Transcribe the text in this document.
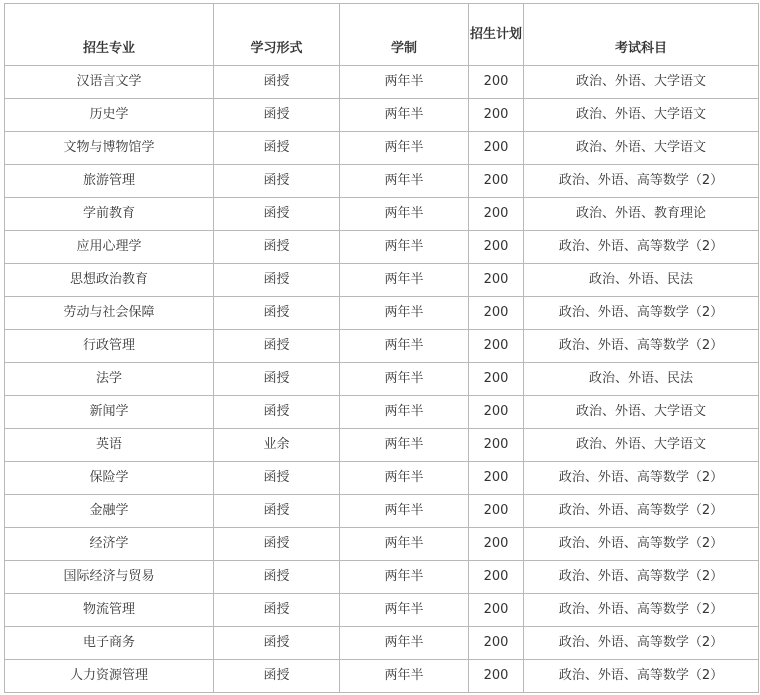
招生专业	学习形式	学制	招生计划	考试科目
汉语言文学	函授	两年半	200	政治、外语、大学语文
历史学	函授	两年半	200	政治、外语、大学语文
文物与博物馆学	函授	两年半	200	政治、外语、大学语文
旅游管理	函授	两年半	200	政治、外语、高等数学（2）
学前教育	函授	两年半	200	政治、外语、教育理论
应用心理学	函授	两年半	200	政治、外语、高等数学（2）
思想政治教育	函授	两年半	200	政治、外语、民法
劳动与社会保障	函授	两年半	200	政治、外语、高等数学（2）
行政管理	函授	两年半	200	政治、外语、高等数学（2）
法学	函授	两年半	200	政治、外语、民法
新闻学	函授	两年半	200	政治、外语、大学语文
英语	业余	两年半	200	政治、外语、大学语文
保险学	函授	两年半	200	政治、外语、高等数学（2）
金融学	函授	两年半	200	政治、外语、高等数学（2）
经济学	函授	两年半	200	政治、外语、高等数学（2）
国际经济与贸易	函授	两年半	200	政治、外语、高等数学（2）
物流管理	函授	两年半	200	政治、外语、高等数学（2）
电子商务	函授	两年半	200	政治、外语、高等数学（2）
人力资源管理	函授	两年半	200	政治、外语、高等数学（2）
